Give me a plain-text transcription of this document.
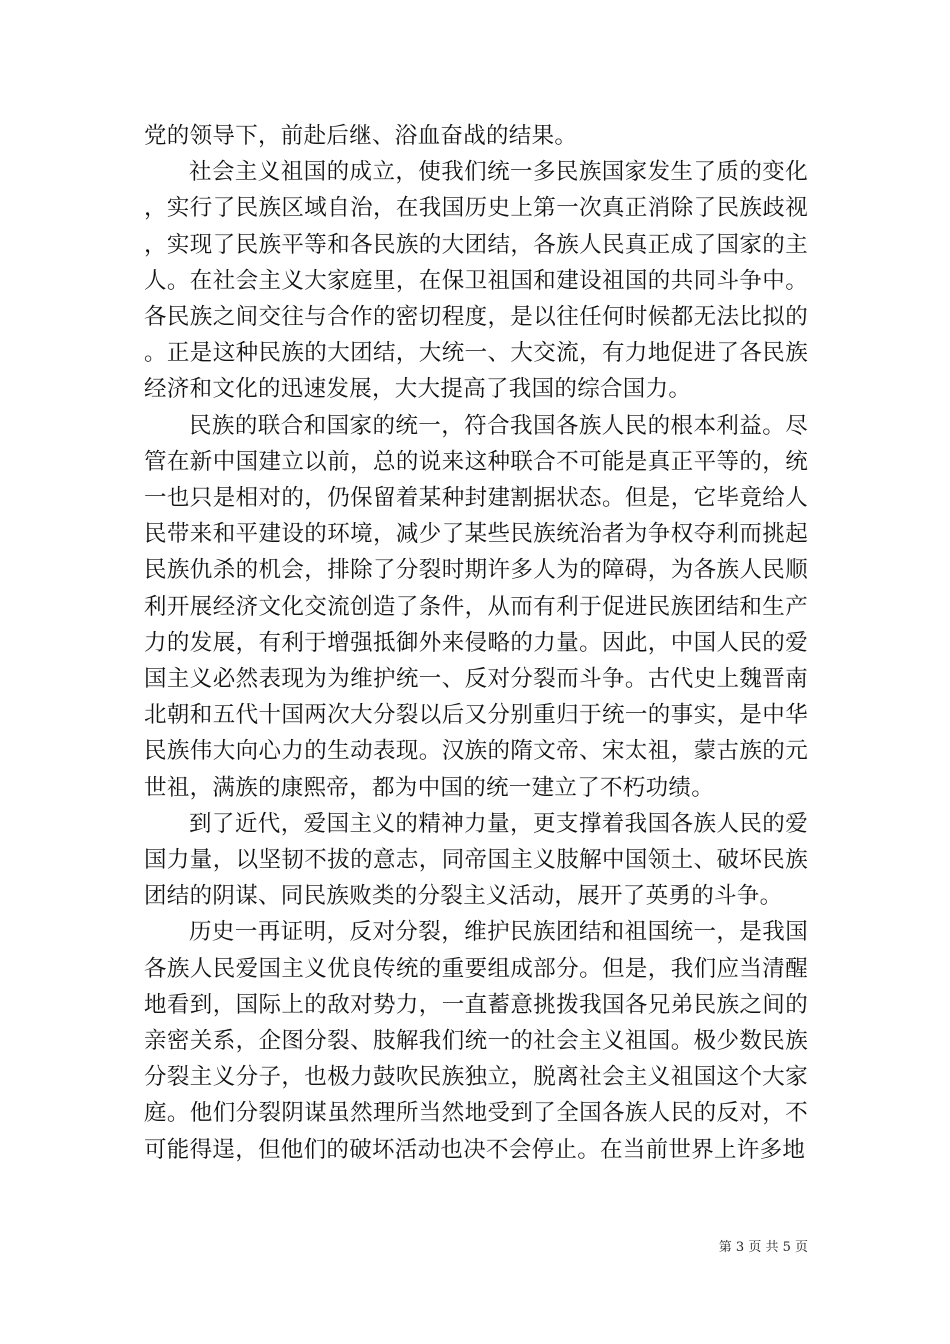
党的领导下，前赴后继、浴血奋战的结果。

社会主义祖国的成立，使我们统一多民族国家发生了质的变化，实行了民族区域自治，在我国历史上第一次真正消除了民族歧视，实现了民族平等和各民族的大团结，各族人民真正成了国家的主人。在社会主义大家庭里，在保卫祖国和建设祖国的共同斗争中。各民族之间交往与合作的密切程度，是以往任何时候都无法比拟的。正是这种民族的大团结，大统一、大交流，有力地促进了各民族经济和文化的迅速发展，大大提高了我国的综合国力。

民族的联合和国家的统一，符合我国各族人民的根本利益。尽管在新中国建立以前，总的说来这种联合不可能是真正平等的，统一也只是相对的，仍保留着某种封建割据状态。但是，它毕竟给人民带来和平建设的环境，减少了某些民族统治者为争权夺利而挑起民族仇杀的机会，排除了分裂时期许多人为的障碍，为各族人民顺利开展经济文化交流创造了条件，从而有利于促进民族团结和生产力的发展，有利于增强抵御外来侵略的力量。因此，中国人民的爱国主义必然表现为为维护统一、反对分裂而斗争。古代史上魏晋南北朝和五代十国两次大分裂以后又分别重归于统一的事实，是中华民族伟大向心力的生动表现。汉族的隋文帝、宋太祖，蒙古族的元世祖，满族的康熙帝，都为中国的统一建立了不朽功绩。

到了近代，爱国主义的精神力量，更支撑着我国各族人民的爱国力量，以坚韧不拔的意志，同帝国主义肢解中国领土、破坏民族团结的阴谋、同民族败类的分裂主义活动，展开了英勇的斗争。

历史一再证明，反对分裂，维护民族团结和祖国统一，是我国各族人民爱国主义优良传统的重要组成部分。但是，我们应当清醒地看到，国际上的敌对势力，一直蓄意挑拨我国各兄弟民族之间的亲密关系，企图分裂、肢解我们统一的社会主义祖国。极少数民族分裂主义分子，也极力鼓吹民族独立，脱离社会主义祖国这个大家庭。他们分裂阴谋虽然理所当然地受到了全国各族人民的反对，不可能得逞，但他们的破坏活动也决不会停止。在当前世界上许多地

第 3 页 共 5 页
